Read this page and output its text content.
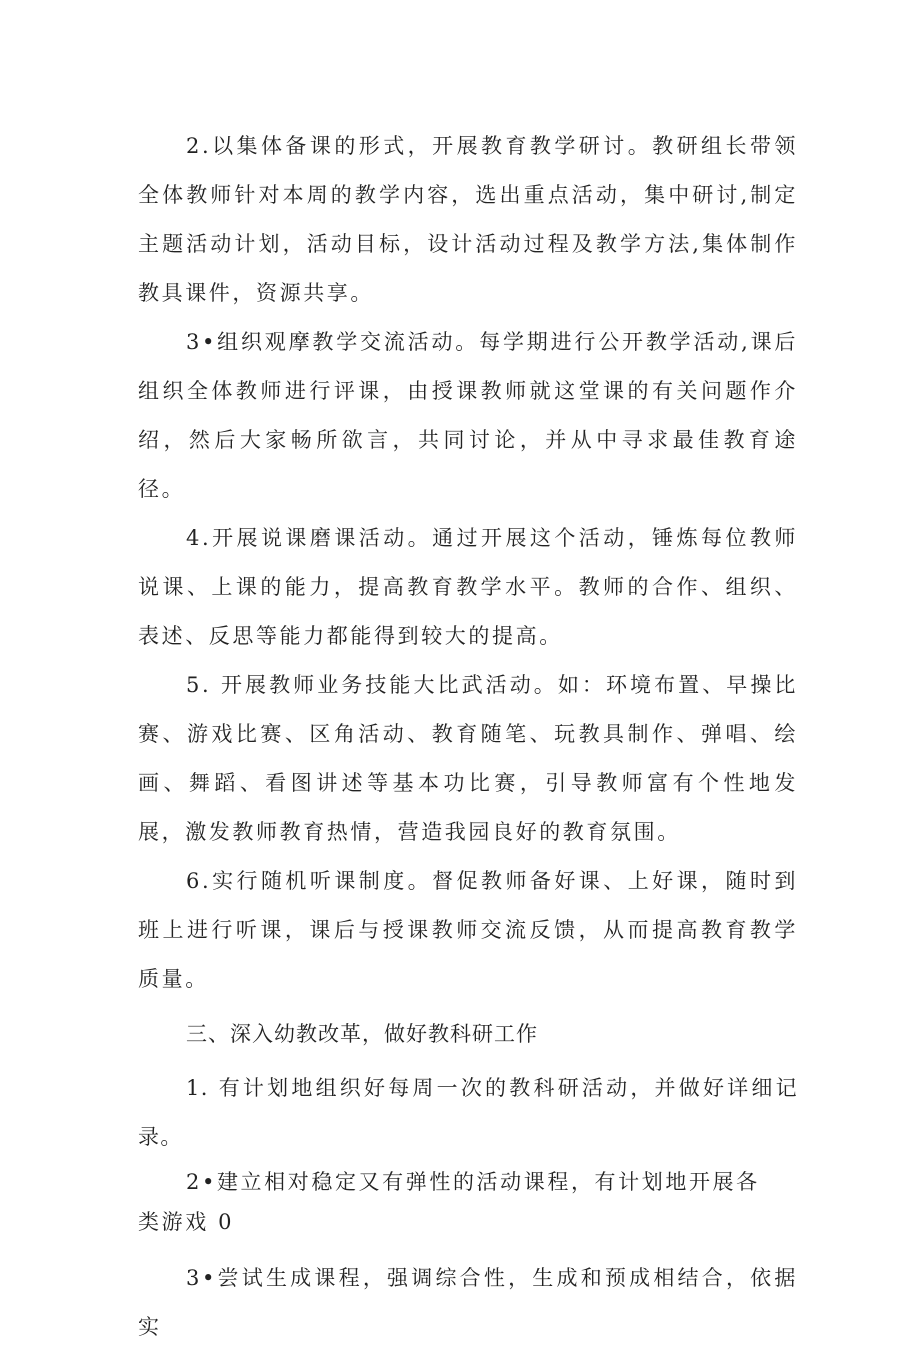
2.以集体备课的形式，开展教育教学研讨。教研组长带领全体教师针对本周的教学内容，选出重点活动，集中研讨,制定主题活动计划，活动目标，设计活动过程及教学方法,集体制作教具课件，资源共享。

3•组织观摩教学交流活动。每学期进行公开教学活动,课后组织全体教师进行评课，由授课教师就这堂课的有关问题作介绍，然后大家畅所欲言，共同讨论，并从中寻求最佳教育途径。

4.开展说课磨课活动。通过开展这个活动，锤炼每位教师说课、上课的能力，提高教育教学水平。教师的合作、组织、表述、反思等能力都能得到较大的提高。

5. 开展教师业务技能大比武活动。如：环境布置、早操比赛、游戏比赛、区角活动、教育随笔、玩教具制作、弹唱、绘画、舞蹈、看图讲述等基本功比赛，引导教师富有个性地发展，激发教师教育热情，营造我园良好的教育氛围。

6.实行随机听课制度。督促教师备好课、上好课，随时到班上进行听课，课后与授课教师交流反馈，从而提高教育教学质量。

三、深入幼教改革，做好教科研工作

1. 有计划地组织好每周一次的教科研活动，并做好详细记录。

2•建立相对稳定又有弹性的活动课程，有计划地开展各

类游戏 0

3•尝试生成课程，强调综合性，生成和预成相结合，依据实
